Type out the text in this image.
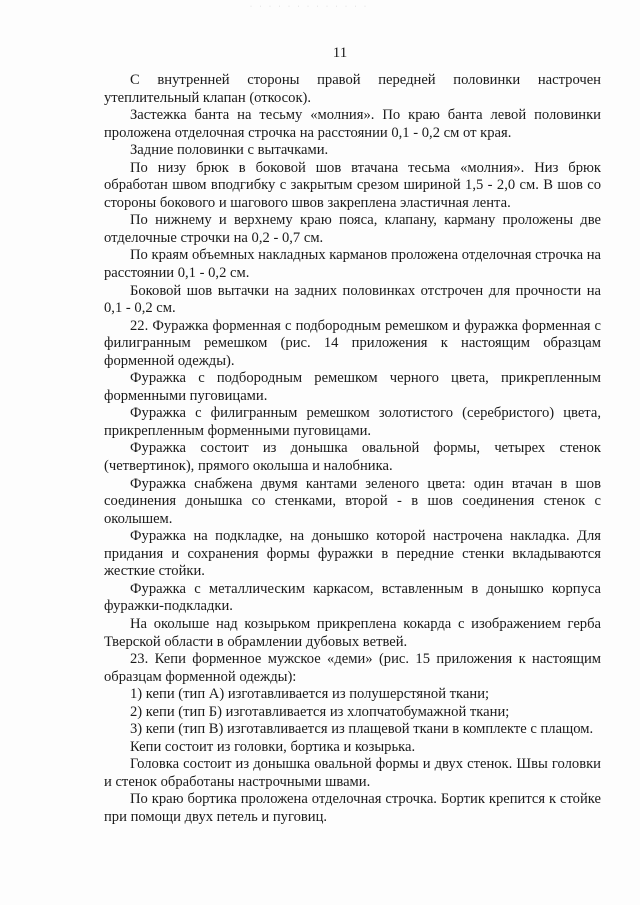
· · · · · · · · · · · · ·
11

С внутренней стороны правой передней половинки настрочен утеплительный клапан (откосок).

Застежка банта на тесьму «молния». По краю банта левой половинки проложена отделочная строчка на расстоянии 0,1 - 0,2 см от края.

Задние половинки с вытачками.

По низу брюк в боковой шов втачана тесьма «молния». Низ брюк обработан швом вподгибку с закрытым срезом шириной 1,5 - 2,0 см. В шов со стороны бокового и шагового швов закреплена эластичная лента.

По нижнему и верхнему краю пояса, клапану, карману проложены две отделочные строчки на 0,2 - 0,7 см.

По краям объемных накладных карманов проложена отделочная строчка на расстоянии 0,1 - 0,2 см.

Боковой шов вытачки на задних половинках отстрочен для прочности на 0,1 - 0,2 см.

22. Фуражка форменная с подбородным ремешком и фуражка форменная с филигранным ремешком (рис. 14 приложения к настоящим образцам форменной одежды).

Фуражка с подбородным ремешком черного цвета, прикрепленным форменными пуговицами.

Фуражка с филигранным ремешком золотистого (серебристого) цвета, прикрепленным форменными пуговицами.

Фуражка состоит из донышка овальной формы, четырех стенок (четвертинок), прямого околыша и налобника.

Фуражка снабжена двумя кантами зеленого цвета: один втачан в шов соединения донышка со стенками, второй - в шов соединения стенок с околышем.

Фуражка на подкладке, на донышко которой настрочена накладка. Для придания и сохранения формы фуражки в передние стенки вкладываются жесткие стойки.

Фуражка с металлическим каркасом, вставленным в донышко корпуса фуражки-подкладки.

На околыше над козырьком прикреплена кокарда с изображением герба Тверской области в обрамлении дубовых ветвей.

23. Кепи форменное мужское «деми» (рис. 15 приложения к настоящим образцам форменной одежды):

1) кепи (тип А) изготавливается из полушерстяной ткани;

2) кепи (тип Б) изготавливается из хлопчатобумажной ткани;

3) кепи (тип В) изготавливается из плащевой ткани в комплекте с плащом.

Кепи состоит из головки, бортика и козырька.

Головка состоит из донышка овальной формы и двух стенок. Швы головки и стенок обработаны настрочными швами.

По краю бортика проложена отделочная строчка. Бортик крепится к стойке при помощи двух петель и пуговиц.
